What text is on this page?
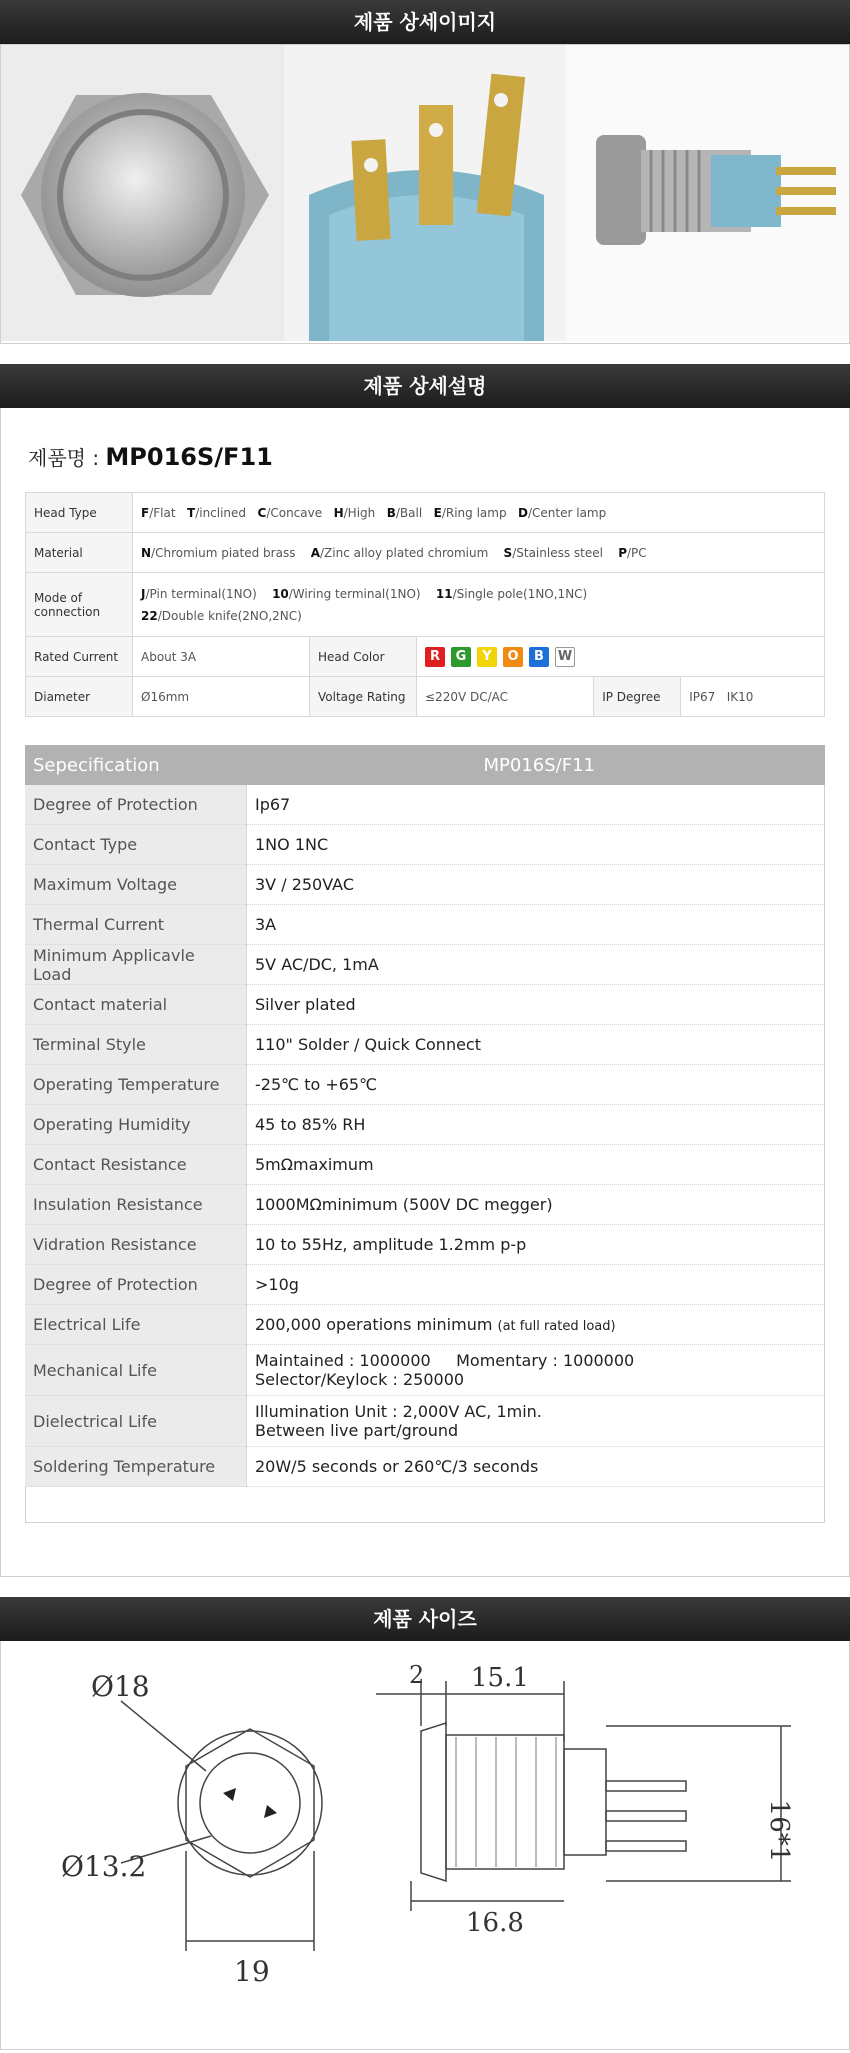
제품 상세이미지
제품 상세설명
제품명 : MP016S/F11
Head Type	F/Flat T/inclined C/Concave H/High B/Ball E/Ring lamp D/Center lamp				
Material	N/Chromium piated brass A/Zinc alloy plated chromium S/Stainless steel P/PC				
Mode of
connection	J/Pin terminal(1NO) 10/Wiring terminal(1NO) 11/Single pole(1NO,1NC)
22/Double knife(2NO,2NC)				
Rated Current	About 3A	Head Color	R G Y O B W		
Diameter	Ø16mm	Voltage Rating	≤220V DC/AC	IP Degree	IP67   IK10
Sepecification	MP016S/F11
Degree of Protection	Ip67
Contact Type	1NO 1NC
Maximum Voltage	3V / 250VAC
Thermal Current	3A
Minimum Applicavle Load	5V AC/DC, 1mA
Contact material	Silver plated
Terminal Style	110" Solder / Quick Connect
Operating Temperature	-25℃ to +65℃
Operating Humidity	45 to 85% RH
Contact Resistance	5mΩmaximum
Insulation Resistance	1000MΩminimum (500V DC megger)
Vidration Resistance	10 to 55Hz, amplitude 1.2mm p-p
Degree of Protection	>10g
Electrical Life	200,000 operations minimum (at full rated load)
Mechanical Life	Maintained : 1000000     Momentary : 1000000
Selector/Keylock : 250000
Dielectrical Life	Illumination Unit : 2,000V AC, 1min.
Between live part/ground
Soldering Temperature	20W/5 seconds or 260℃/3 seconds
제품 사이즈
Ø18
Ø13.2
19
2 15.1
16.8
16*1
